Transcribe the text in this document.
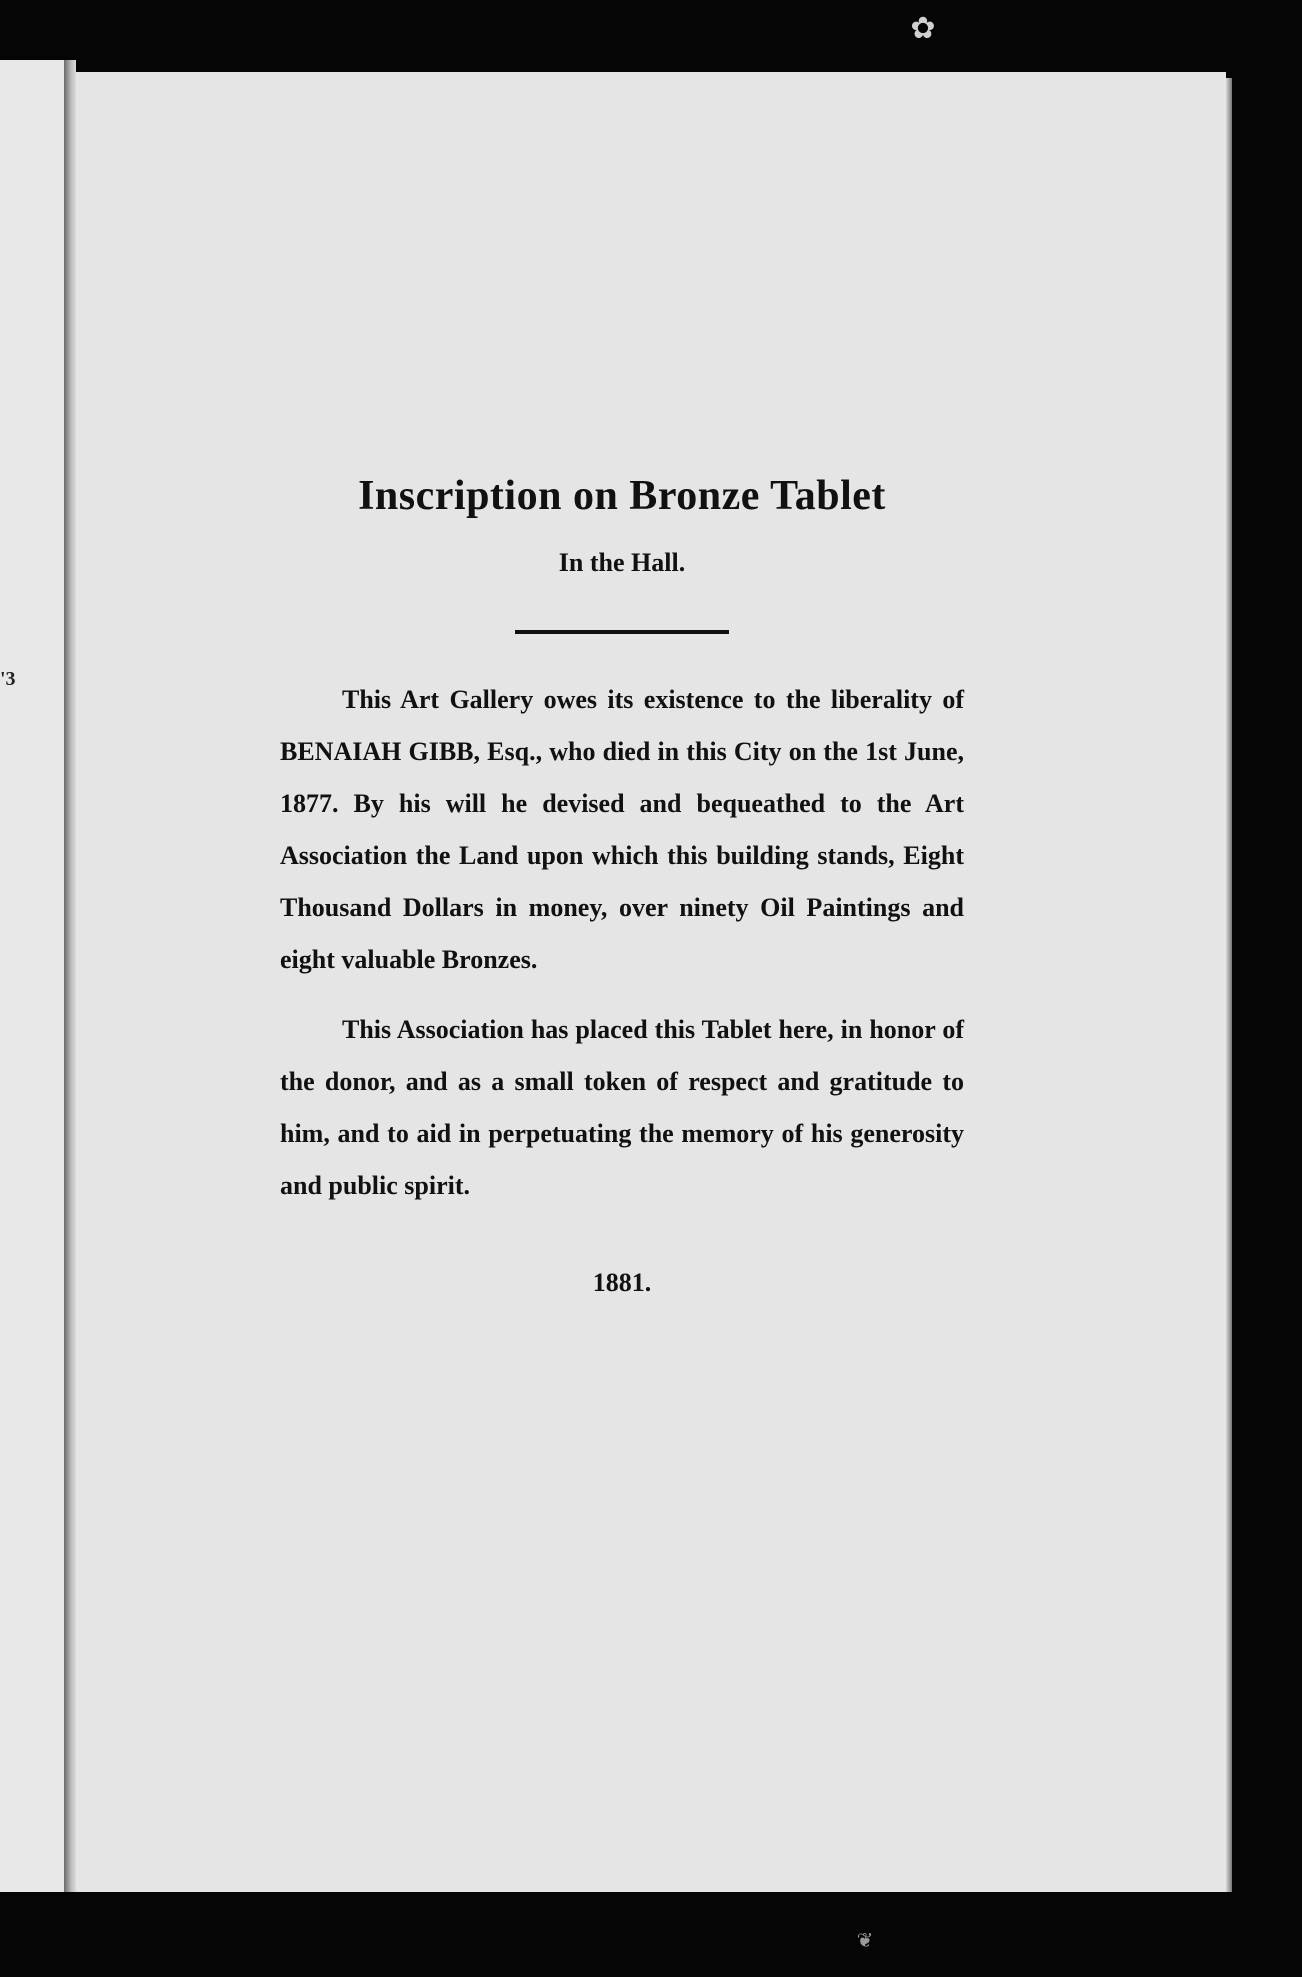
✿
'3
Inscription on Bronze Tablet

In the Hall.

This Art Gallery owes its existence to the liberality of BENAIAH GIBB, Esq., who died in this City on the 1st June, 1877. By his will he devised and bequeathed to the Art Association the Land upon which this building stands, Eight Thousand Dollars in money, over ninety Oil Paintings and eight valuable Bronzes.

This Association has placed this Tablet here, in honor of the donor, and as a small token of respect and gratitude to him, and to aid in perpetuating the memory of his generosity and public spirit.

1881.

❦
